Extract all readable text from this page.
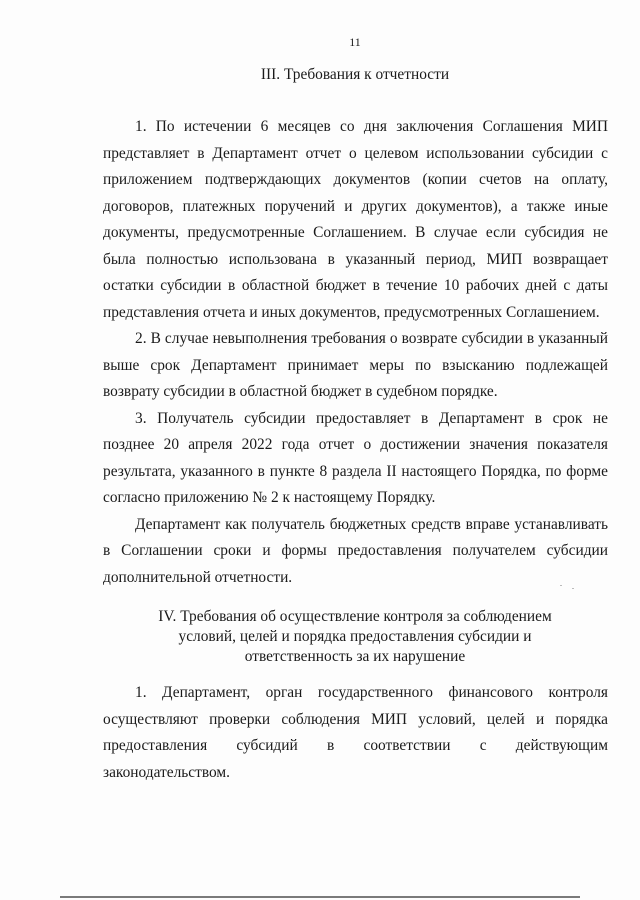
11
III. Требования к отчетности

1. По истечении 6 месяцев со дня заключения Соглашения МИП представляет в Департамент отчет о целевом использовании субсидии с приложением подтверждающих документов (копии счетов на оплату, договоров, платежных поручений и других документов), а также иные документы, предусмотренные Соглашением. В случае если субсидия не была полностью использована в указанный период, МИП возвращает остатки субсидии в областной бюджет в течение 10 рабочих дней с даты представления отчета и иных документов, предусмотренных Соглашением.

2. В случае невыполнения требования о возврате субсидии в указанный выше срок Департамент принимает меры по взысканию подлежащей возврату субсидии в областной бюджет в судебном порядке.

3. Получатель субсидии предоставляет в Департамент в срок не позднее 20 апреля 2022 года отчет о достижении значения показателя результата, указанного в пункте 8 раздела II настоящего Порядка, по форме согласно приложению № 2 к настоящему Порядку.

Департамент как получатель бюджетных средств вправе устанавливать в Соглашении сроки и формы предоставления получателем субсидии дополнительной отчетности.

IV. Требования об осуществление контроля за соблюдением
условий, целей и порядка предоставления субсидии и
ответственность за их нарушение

1. Департамент, орган государственного финансового контроля осуществляют проверки соблюдения МИП условий, целей и порядка предоставления субсидий в соответствии с действующим законодательством.
